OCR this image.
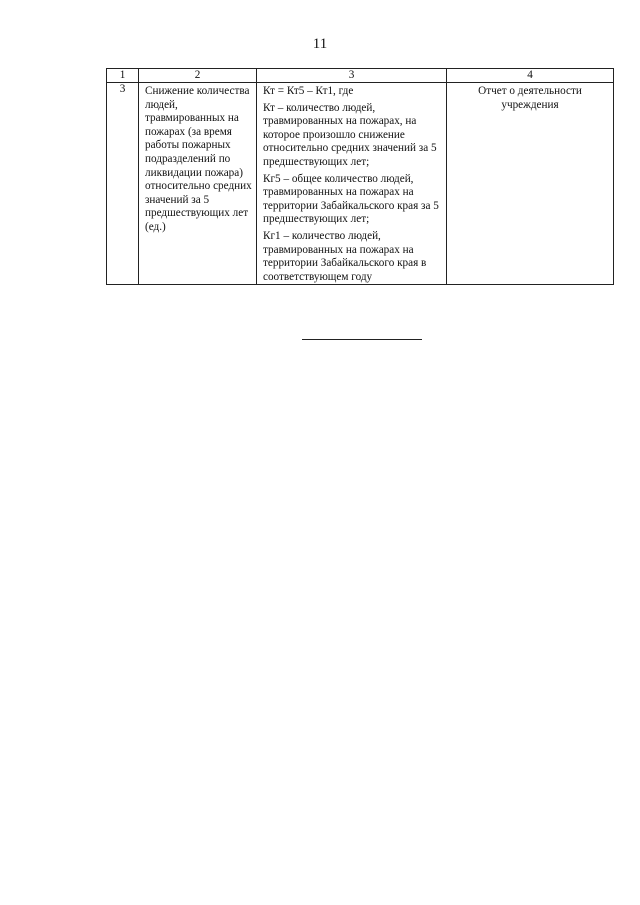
11
1	2	3	4
3	Снижение количества людей, травмированных на пожарах (за время работы пожарных подразделений по ликвидации пожара) относительно средних значений за 5 предшествующих лет (ед.)	Кт = Кт5 – Кт1, где

Кт – количество людей, травмированных на пожарах, на которое произошло снижение относительно средних значений за 5 предшествующих лет;

Кг5 – общее количество людей, травмированных на пожарах на территории Забайкальского края за 5 предшествующих лет;

Кг1 – количество людей, травмированных на пожарах на территории Забайкальского края в соответствующем году	Отчет о деятельности учреждения
